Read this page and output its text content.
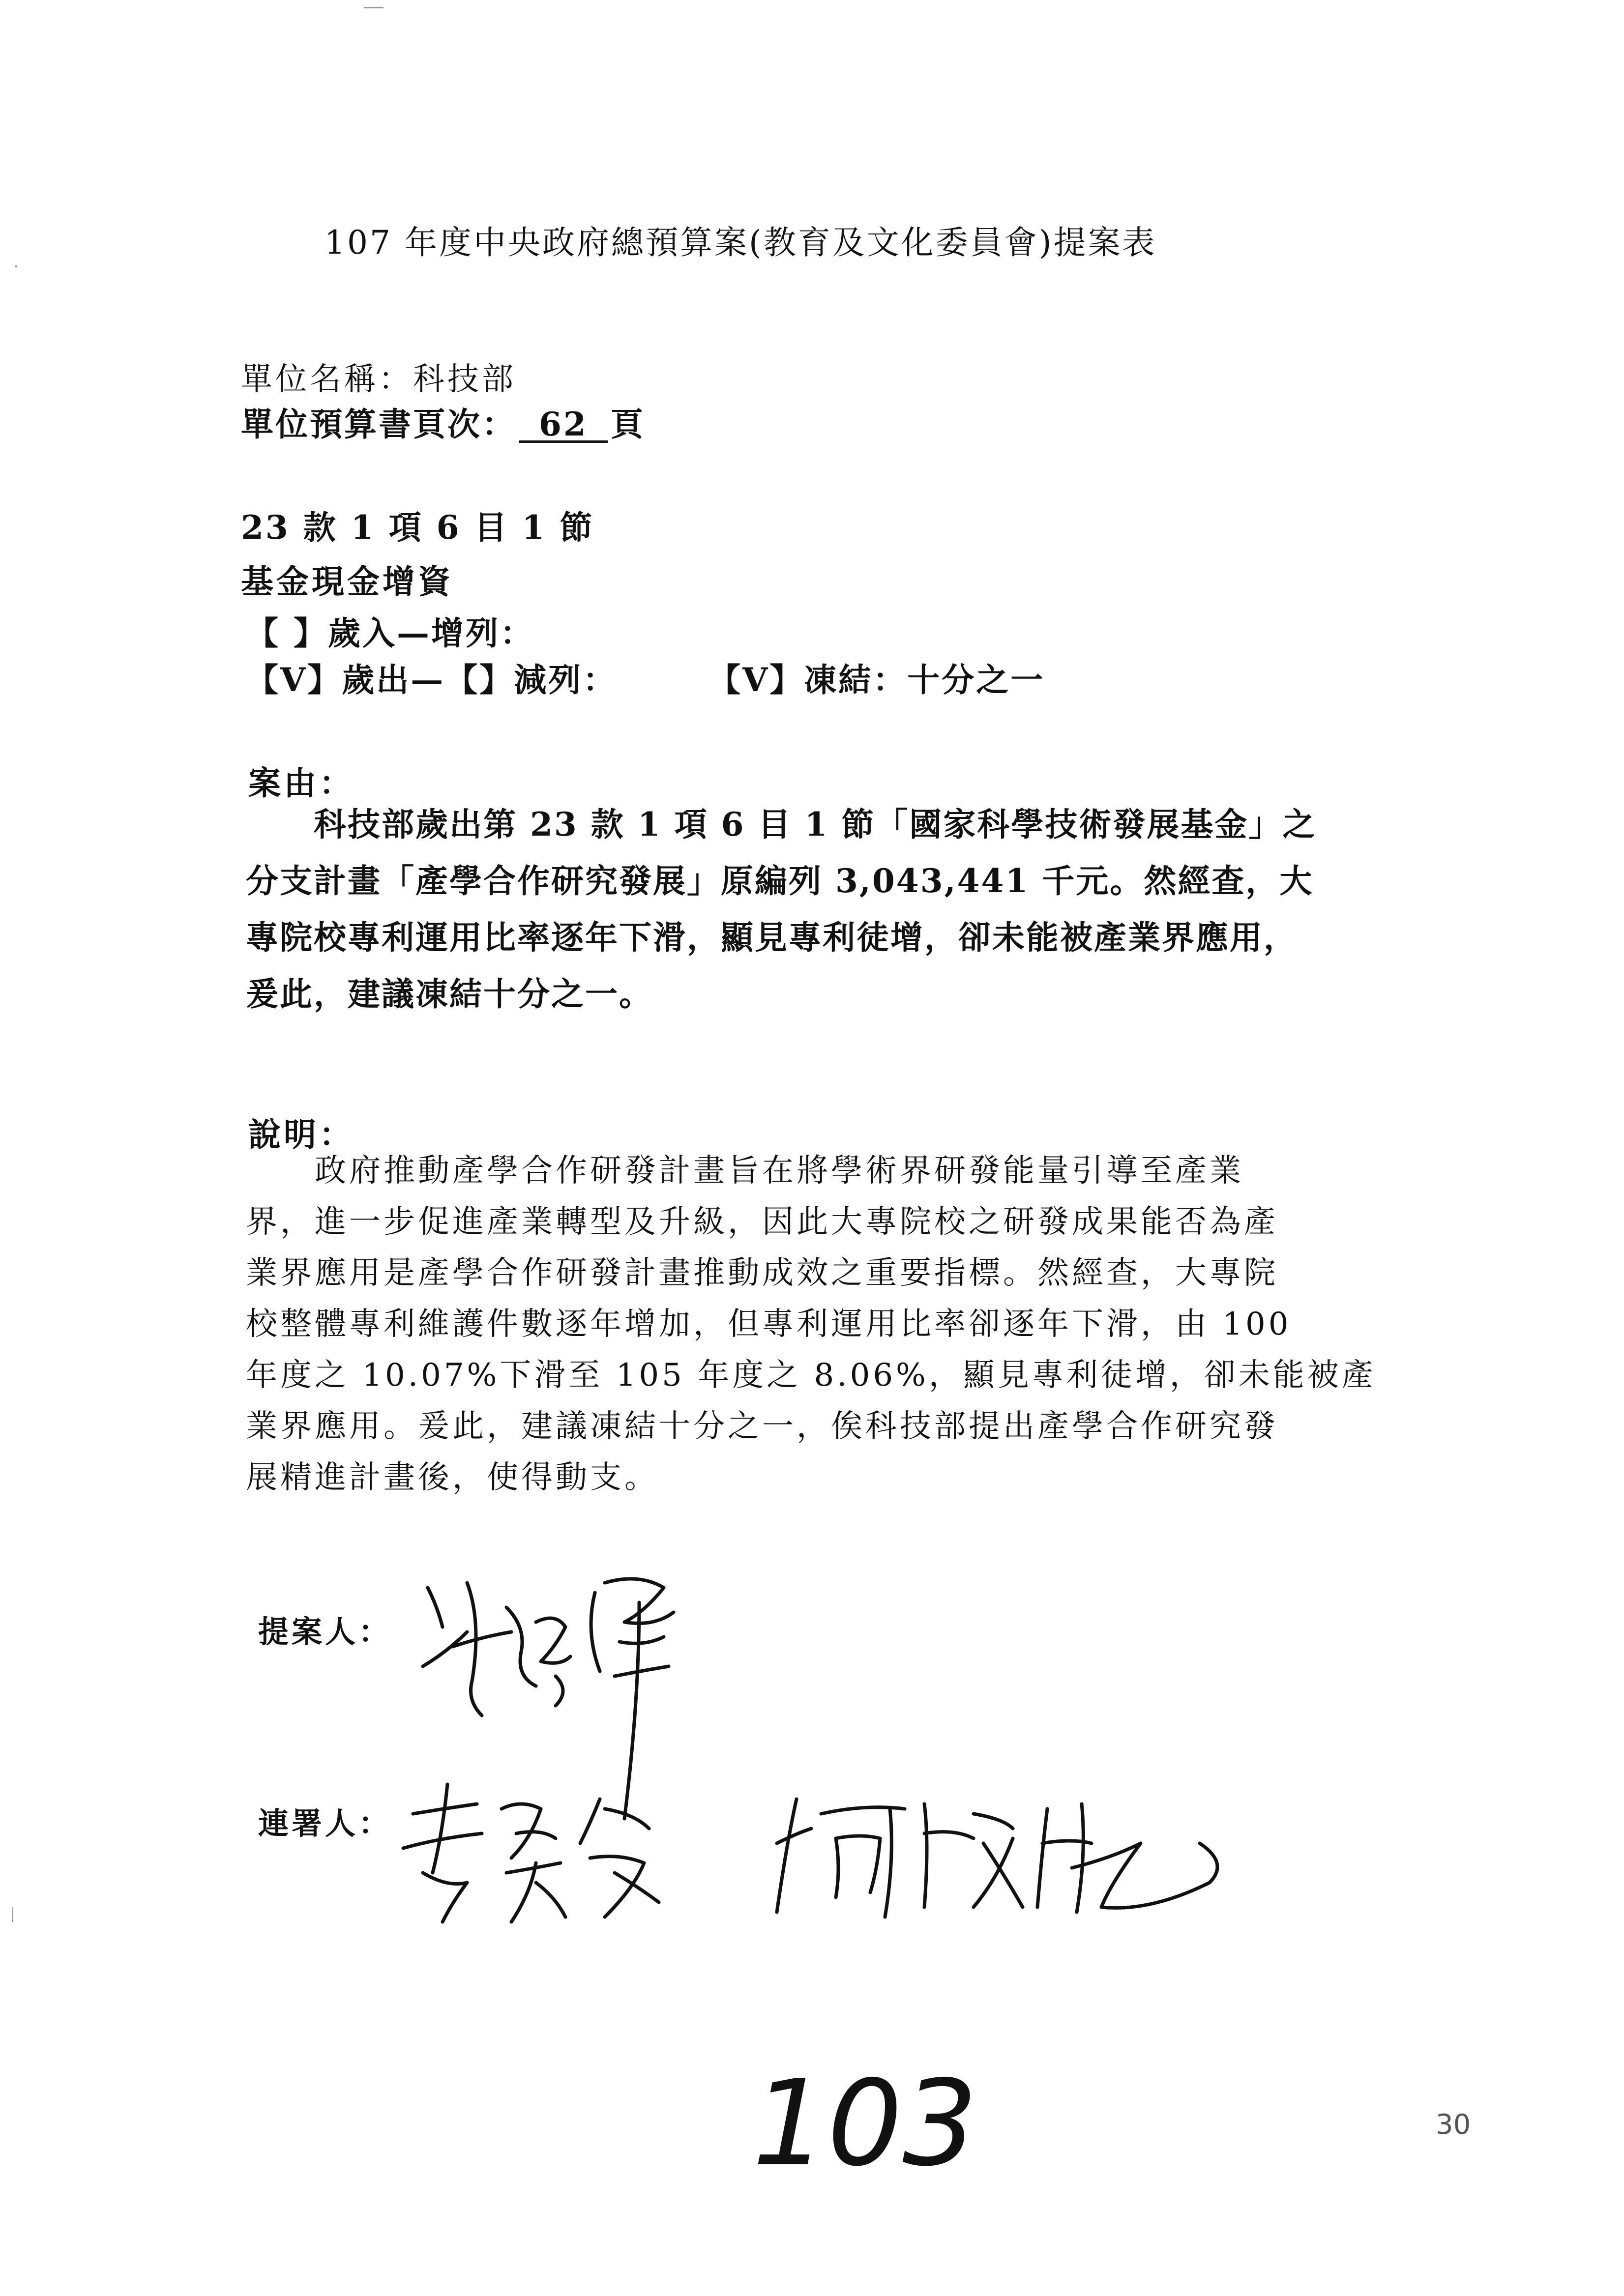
107 年度中央政府總預算案(教育及文化委員會)提案表
單位名稱：科技部
單位預算書頁次： 62 頁
23 款 1 項 6 目 1 節
基金現金增資
【 】歲入—增列：
【V】歲出—【】減列：	【V】凍結：十分之一
案由：
　　科技部歲出第 23 款 1 項 6 目 1 節「國家科學技術發展基金」之
分支計畫「產學合作研究發展」原編列 3,043,441 千元。然經查，大
專院校專利運用比率逐年下滑，顯見專利徒增，卻未能被產業界應用，
爰此，建議凍結十分之一。
說明：
　　政府推動產學合作研發計畫旨在將學術界研發能量引導至產業
界，進一步促進產業轉型及升級，因此大專院校之研發成果能否為產
業界應用是產學合作研發計畫推動成效之重要指標。然經查，大專院
校整體專利維護件數逐年增加，但專利運用比率卻逐年下滑，由 100
年度之 10.07%下滑至 105 年度之 8.06%，顯見專利徒增，卻未能被產
業界應用。爰此，建議凍結十分之一，俟科技部提出產學合作研究發
展精進計畫後，使得動支。
提案人：
連署人：
103	30
